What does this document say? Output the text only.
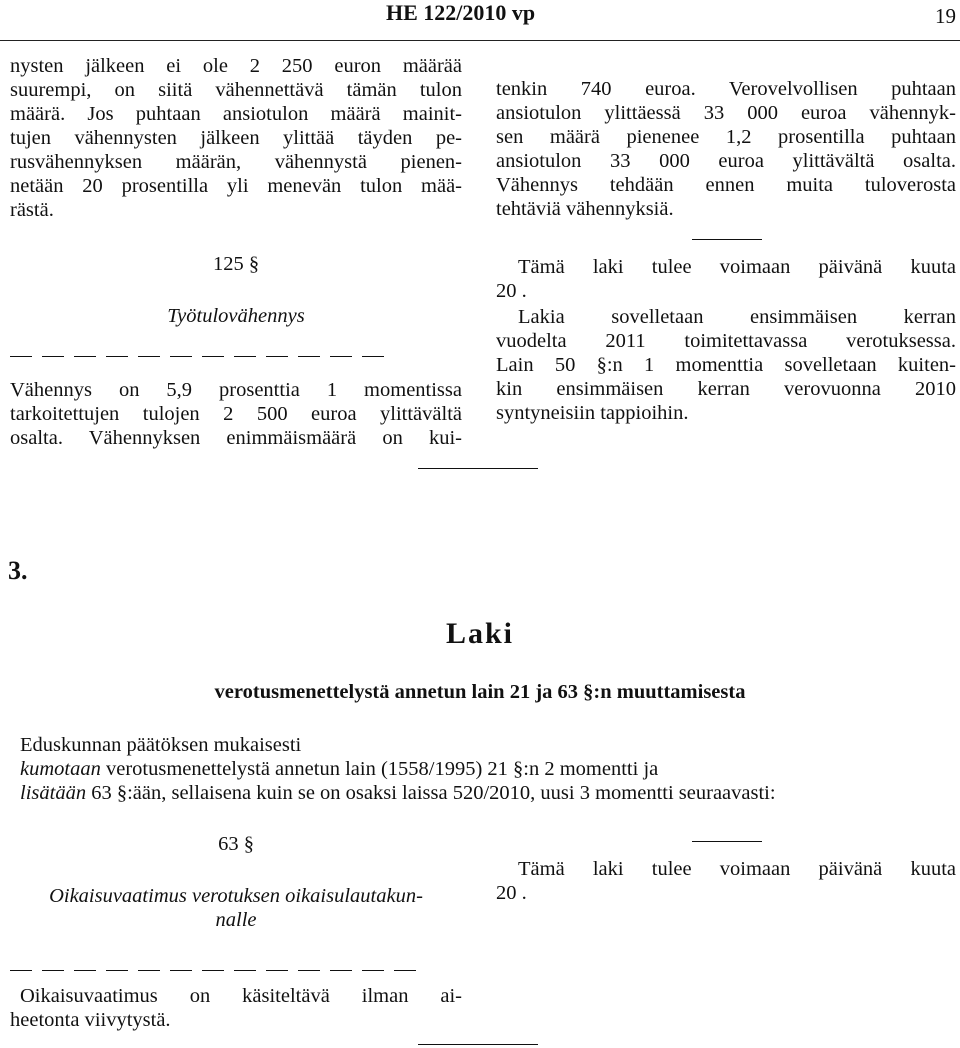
HE 122/2010 vp	19
nysten jälkeen ei ole 2 250 euron määrää
suurempi, on siitä vähennettävä tämän tulon
määrä. Jos puhtaan ansiotulon määrä mainit-
tujen vähennysten jälkeen ylittää täyden pe-
rusvähennyksen määrän, vähennystä pienen-
netään 20 prosentilla yli menevän tulon mää-
rästä.
125 §
Työtulovähennys
Vähennys on 5,9 prosenttia 1 momentissa
tarkoitettujen tulojen 2 500 euroa ylittävältä
osalta. Vähennyksen enimmäismäärä on kui-
tenkin 740 euroa. Verovelvollisen puhtaan
ansiotulon ylittäessä 33 000 euroa vähennyk-
sen määrä pienenee 1,2 prosentilla puhtaan
ansiotulon 33 000 euroa ylittävältä osalta.
Vähennys tehdään ennen muita tuloverosta
tehtäviä vähennyksiä.
Tämä laki tulee voimaan päivänä kuuta
20 .
Lakia sovelletaan ensimmäisen kerran
vuodelta 2011 toimitettavassa verotuksessa.
Lain 50 §:n 1 momenttia sovelletaan kuiten-
kin ensimmäisen kerran verovuonna 2010
syntyneisiin tappioihin.
3.
Laki
verotusmenettelystä annetun lain 21 ja 63 §:n muuttamisesta
Eduskunnan päätöksen mukaisesti
kumotaan verotusmenettelystä annetun lain (1558/1995) 21 §:n 2 momentti ja
lisätään 63 §:ään, sellaisena kuin se on osaksi laissa 520/2010, uusi 3 momentti seuraavasti:
63 §
Oikaisuvaatimus verotuksen oikaisulautakun-
nalle
Oikaisuvaatimus on käsiteltävä ilman ai-
heetonta viivytystä.
Tämä laki tulee voimaan päivänä kuuta
20 .
